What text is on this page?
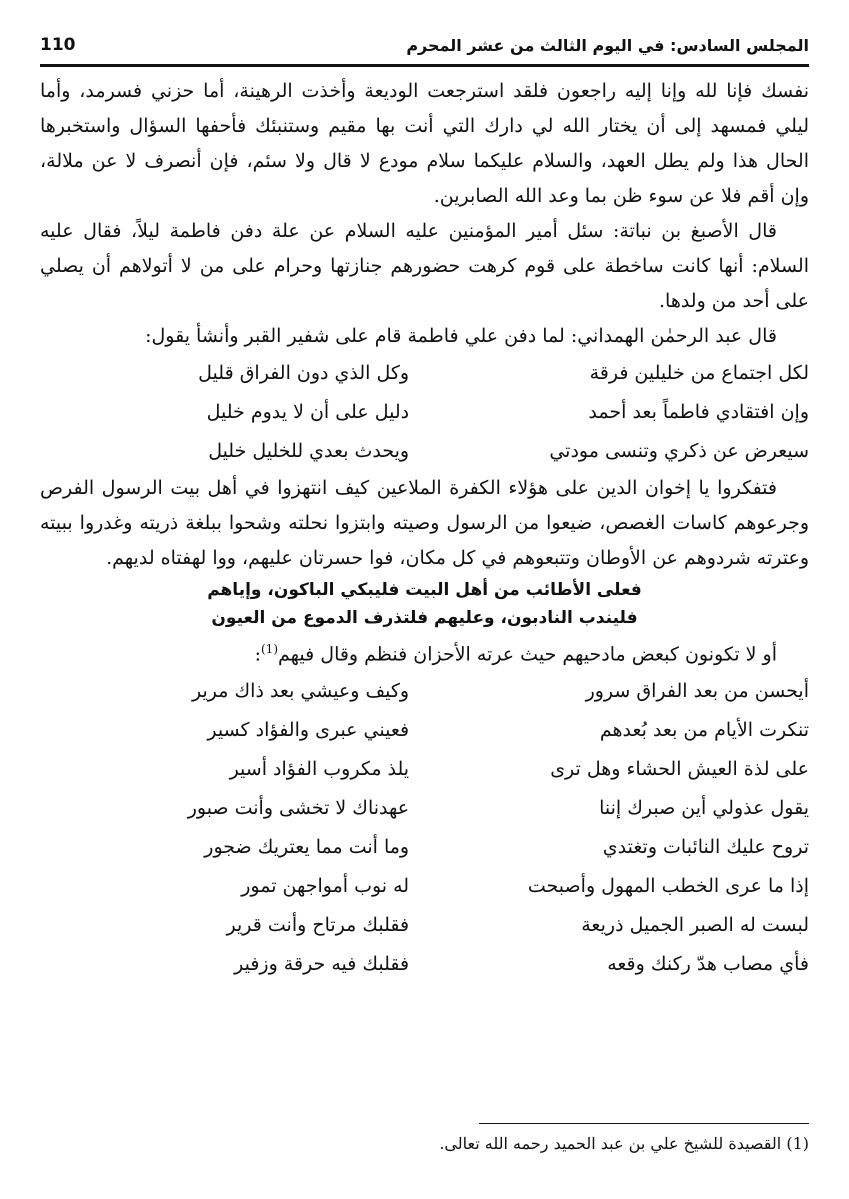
المجلس السادس: في اليوم الثالث من عشر المحرم
110

نفسك فإنا لله وإنا إليه راجعون فلقد استرجعت الوديعة وأخذت الرهينة، أما حزني فسرمد، وأما ليلي فمسهد إلى أن يختار الله لي دارك التي أنت بها مقيم وستنبئك فأحفها السؤال واستخبرها الحال هذا ولم يطل العهد، والسلام عليكما سلام مودع لا قال ولا سئم، فإن أنصرف لا عن ملالة، وإن أقم فلا عن سوء ظن بما وعد الله الصابرين.

قال الأصبغ بن نباتة: سئل أمير المؤمنين عليه السلام عن علة دفن فاطمة ليلاً، فقال عليه السلام: أنها كانت ساخطة على قوم كرهت حضورهم جنازتها وحرام على من لا أتولاهم أن يصلي على أحد من ولدها.

قال عبد الرحمٰن الهمداني: لما دفن علي فاطمة قام على شفير القبر وأنشأ يقول:

لكل اجتماع من خليلين فرقة
وكل الذي دون الفراق قليل
وإن افتقادي فاطماً بعد أحمد
دليل على أن لا يدوم خليل
سيعرض عن ذكري وتنسى مودتي
ويحدث بعدي للخليل خليل

فتفكروا يا إخوان الدين على هؤلاء الكفرة الملاعين كيف انتهزوا في أهل بيت الرسول الفرص وجرعوهم كاسات الغصص، ضيعوا من الرسول وصيته وابتزوا نحلته وشحوا ببلغة ذريته وغدروا ببيته وعترته شردوهم عن الأوطان وتتبعوهم في كل مكان، فوا حسرتان عليهم، ووا لهفتاه لديهم.

فعلى الأطائب من أهل البيت فليبكي الباكون، وإياهم
فليندب النادبون، وعليهم فلتذرف الدموع من العيون

أو لا تكونون كبعض مادحيهم حيث عرته الأحزان فنظم وقال فيهم$^{(1)}$:

أيحسن من بعد الفراق سرور
وكيف وعيشي بعد ذاك مرير
تنكرت الأيام من بعد بُعدهم
فعيني عبرى والفؤاد كسير
على لذة العيش الحشاء وهل ترى
يلذ مكروب الفؤاد أسير
يقول عذولي أين صبرك إننا
عهدناك لا تخشى وأنت صبور
تروح عليك النائبات وتغتدي
وما أنت مما يعتريك ضجور
إذا ما عرى الخطب المهول وأصبحت
له نوب أمواجهن تمور
لبست له الصبر الجميل ذريعة
فقلبك مرتاح وأنت قرير
فأي مصاب هدّ ركنك وقعه
فقلبك فيه حرقة وزفير
(1) القصيدة للشيخ علي بن عبد الحميد رحمه الله تعالى.
